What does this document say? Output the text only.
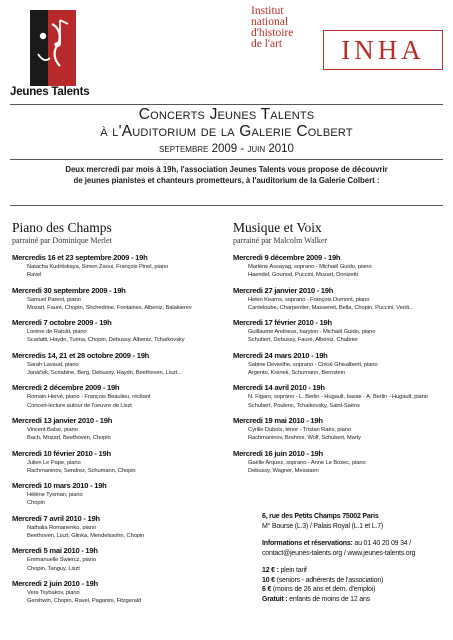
Jeunes Talents
Institut
national
d'histoire
de l'art	INHA
Concerts Jeunes Talents
à l'Auditorium de la Galerie Colbert
septembre 2009 - juin 2010
Deux mercredi par mois à 19h, l'association Jeunes Talents vous propose de découvrir
de jeunes pianistes et chanteurs prometteurs, à l'auditorium de la Galerie Colbert :
Piano des Champs
parrainé par Dominique Merlet
Mercredis 16 et 23 septembre 2009 - 19h
Natacha Kudritskaya, Simon Zaoui, François Pinel, piano
Ravel
Mercredi 30 septembre 2009 - 19h
Samuel Parent, piano
Mozart, Fauré, Chopin, Shchedrine, Fontaines, Albeniz, Balakierev
Mercredi 7 octobre 2009 - 19h
Lorène de Ratuld, piano
Scarlatti, Haydn, Turina, Chopin, Debussy, Albeniz, Tchaïkovsky
Mercredis 14, 21 et 28 octobre 2009 - 19h
Sarah Lavaud, piano
Janáček, Scriabine, Berg, Debussy, Haydn, Beethoven, Liszt...
Mercredi 2 décembre 2009 - 19h
Romain Hervé, piano - François Beaulieu, récitant
Concert-lecture autour de l'oeuvre de Liszt
Mercredi 13 janvier 2010 - 19h
Vincent Balse, piano
Bach, Mozart, Beethoven, Chopin
Mercredi 10 février 2010 - 19h
Julien Le Pape, piano
Rachmaninov, Sendrez, Schumann, Chopin
Mercredi 10 mars 2010 - 19h
Hélène Tysman, piano
Chopin
Mercredi 7 avril 2010 - 19h
Nathalia Romanenko, piano
Beethoven, Liszt, Glinka, Mendelssohn, Chopin
Mercredi 5 mai 2010 - 19h
Emmanuelle Swiercz, piano
Chopin, Tanguy, Liszt
Mercredi 2 juin 2010 - 19h
Vera Tsybakov, piano
Gershwin, Chopin, Ravel, Paganini, Fitzgerald
Musique et Voix
parrainé par Malcolm Walker
Mercredi 9 décembre 2009 - 19h
Marlène Assayag, soprano - Michaël Guido, piano
Haendel, Gounod, Puccini, Mozart, Donizetti
Mercredi 27 janvier 2010 - 19h
Helen Kearns, soprano - François Dumont, piano
Canteloube, Charpentier, Massenet, Bella, Chopin, Puccini, Verdi...
Mercredi 17 février 2010 - 19h
Guillaume Andrieux, baryton - Michaël Guido, piano
Schubert, Debussy, Fauré, Albéniz, Chabrier
Mercredi 24 mars 2010 - 19h
Sabine Devieilhe, soprano - Chloé Ghisalberti, piano
Argento, Krenek, Schumann, Bernstein
Mercredi 14 avril 2010 - 19h
N. Figaro, soprano - L. Berlin - Hugault, basse - A. Berlin - Hugault, piano
Schubert, Poulenc, Tchaikovsky, Saint-Saëns
Mercredi 19 mai 2010 - 19h
Cyrille Dubois, ténor - Tristan Raës, piano
Rachmaninov, Brahms, Wolf, Schubert, Marty
Mercredi 16 juin 2010 - 19h
Gaëlle Arquez, soprano - Anne Le Bozec, piano
Debussy, Wagner, Messiaen
6, rue des Petits Champs 75002 Paris
M° Bourse (L.3) / Palais Royal (L.1 et L.7)
Informations et réservations: au 01 40 20 09 34 /
contact@jeunes-talents.org / www.jeunes-talents.org
12 € : plein tarif
10 € (seniors - adhérents de l'association)
6 € (moins de 26 ans et dem. d'emploi)
Gratuit : enfants de moins de 12 ans
